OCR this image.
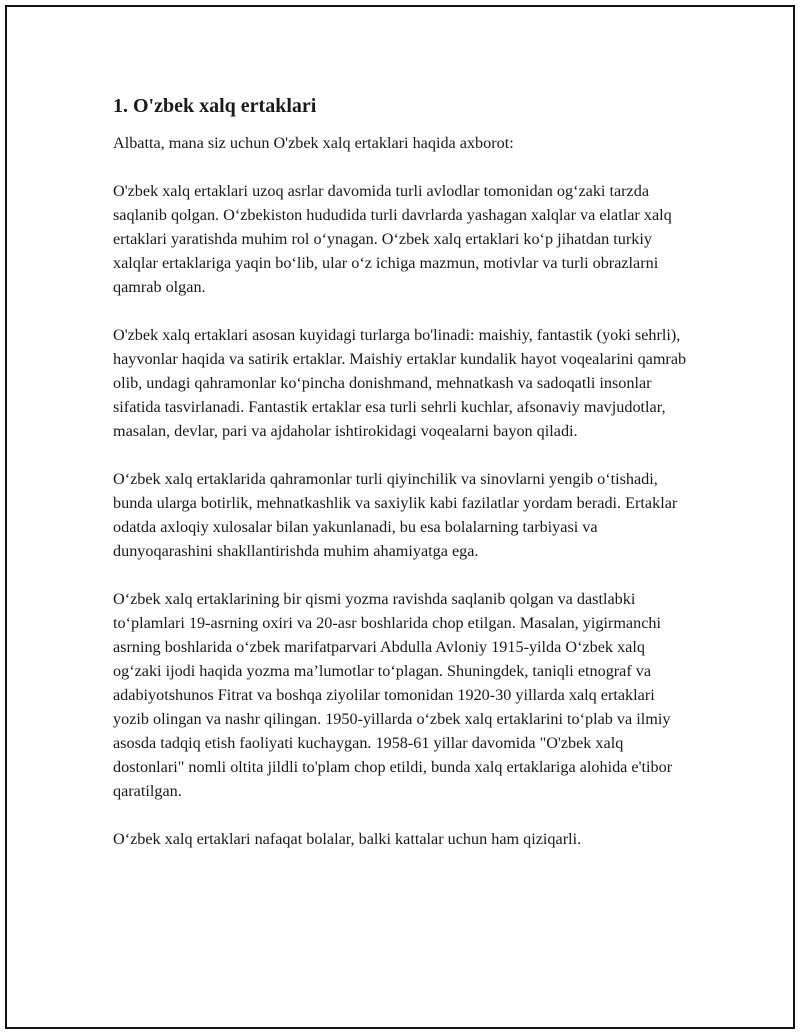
1. O'zbek xalq ertaklari

Albatta, mana siz uchun O'zbek xalq ertaklari haqida axborot:

O'zbek xalq ertaklari uzoq asrlar davomida turli avlodlar tomonidan og‘zaki tarzda saqlanib qolgan. O‘zbekiston hududida turli davrlarda yashagan xalqlar va elatlar xalq ertaklari yaratishda muhim rol o‘ynagan. O‘zbek xalq ertaklari ko‘p jihatdan turkiy xalqlar ertaklariga yaqin bo‘lib, ular o‘z ichiga mazmun, motivlar va turli obrazlarni qamrab olgan.

O'zbek xalq ertaklari asosan kuyidagi turlarga bo'linadi: maishiy, fantastik (yoki sehrli), hayvonlar haqida va satirik ertaklar. Maishiy ertaklar kundalik hayot voqealarini qamrab olib, undagi qahramonlar ko‘pincha donishmand, mehnatkash va sadoqatli insonlar sifatida tasvirlanadi. Fantastik ertaklar esa turli sehrli kuchlar, afsonaviy mavjudotlar, masalan, devlar, pari va ajdaholar ishtirokidagi voqealarni bayon qiladi.

O‘zbek xalq ertaklarida qahramonlar turli qiyinchilik va sinovlarni yengib o‘tishadi, bunda ularga botirlik, mehnatkashlik va saxiylik kabi fazilatlar yordam beradi. Ertaklar odatda axloqiy xulosalar bilan yakunlanadi, bu esa bolalarning tarbiyasi va dunyoqarashini shakllantirishda muhim ahamiyatga ega.

O‘zbek xalq ertaklarining bir qismi yozma ravishda saqlanib qolgan va dastlabki to‘plamlari 19-asrning oxiri va 20-asr boshlarida chop etilgan. Masalan, yigirmanchi asrning boshlarida o‘zbek marifatparvari Abdulla Avloniy 1915-yilda O‘zbek xalq og‘zaki ijodi haqida yozma ma’lumotlar to‘plagan. Shuningdek, taniqli etnograf va adabiyotshunos Fitrat va boshqa ziyolilar tomonidan 1920-30 yillarda xalq ertaklari yozib olingan va nashr qilingan. 1950-yillarda o‘zbek xalq ertaklarini to‘plab va ilmiy asosda tadqiq etish faoliyati kuchaygan. 1958-61 yillar davomida "O'zbek xalq dostonlari" nomli oltita jildli to'plam chop etildi, bunda xalq ertaklariga alohida e'tibor qaratilgan.

O‘zbek xalq ertaklari nafaqat bolalar, balki kattalar uchun ham qiziqarli.
